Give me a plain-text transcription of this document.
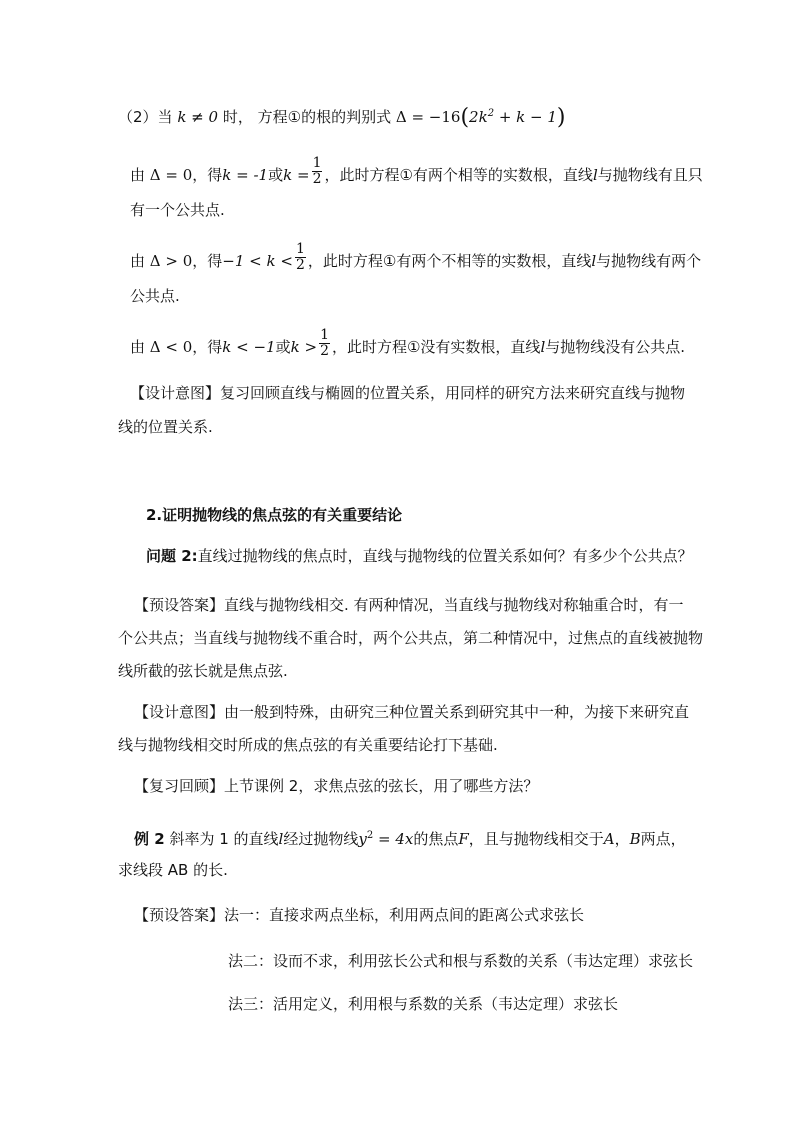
（2）当 k ≠ 0 时， 方程①的根的判别式 $\Delta = -16(2k^2 + k - 1)$
由 Δ = 0，得k = -1或$k = \frac{1}{2}$ ，此时方程①有两个相等的实数根，直线l与抛物线有且只
有一个公共点.
由 Δ > 0，得$-1 < k < \frac{1}{2}$ ，此时方程①有两个不相等的实数根，直线l与抛物线有两个
公共点.
由 Δ < 0，得k < −1或$k > \frac{1}{2}$ ，此时方程①没有实数根，直线l与抛物线没有公共点.
【设计意图】复习回顾直线与椭圆的位置关系，用同样的研究方法来研究直线与抛物
线的位置关系.
2.证明抛物线的焦点弦的有关重要结论
问题 2:直线过抛物线的焦点时，直线与抛物线的位置关系如何？有多少个公共点？
【预设答案】直线与抛物线相交. 有两种情况，当直线与抛物线对称轴重合时，有一
个公共点；当直线与抛物线不重合时，两个公共点，第二种情况中，过焦点的直线被抛物
线所截的弦长就是焦点弦.
【设计意图】由一般到特殊，由研究三种位置关系到研究其中一种，为接下来研究直
线与抛物线相交时所成的焦点弦的有关重要结论打下基础.
【复习回顾】上节课例 2，求焦点弦的弦长，用了哪些方法？
例 2 斜率为 1 的直线l经过抛物线$y^2 = 4x$的焦点F，且与抛物线相交于A，B两点，
求线段 AB 的长.
【预设答案】法一：直接求两点坐标，利用两点间的距离公式求弦长
法二：设而不求，利用弦长公式和根与系数的关系（韦达定理）求弦长
法三：活用定义，利用根与系数的关系（韦达定理）求弦长
